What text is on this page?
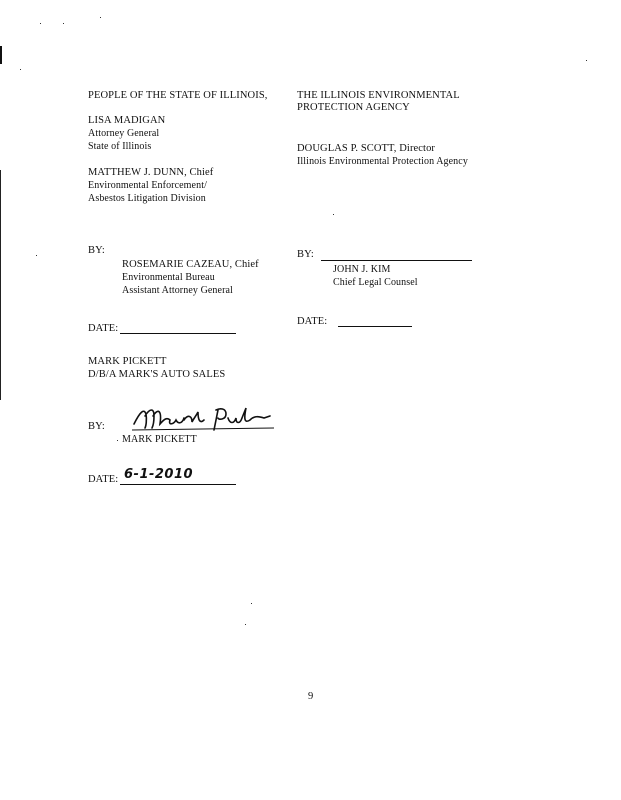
PEOPLE OF THE STATE OF ILLINOIS,
LISA MADIGAN
Attorney General
State of Illinois
MATTHEW J. DUNN, Chief
Environmental Enforcement/
Asbestos Litigation Division
BY:
ROSEMARIE CAZEAU, Chief
Environmental Bureau
Assistant Attorney General
DATE:
THE ILLINOIS ENVIRONMENTAL
PROTECTION AGENCY
DOUGLAS P. SCOTT, Director
Illinois Environmental Protection Agency
BY:
JOHN J. KIM
Chief Legal Counsel
DATE:
MARK PICKETT
D/B/A MARK'S AUTO SALES
BY:
MARK PICKETT
DATE: 6-1-2010
9
